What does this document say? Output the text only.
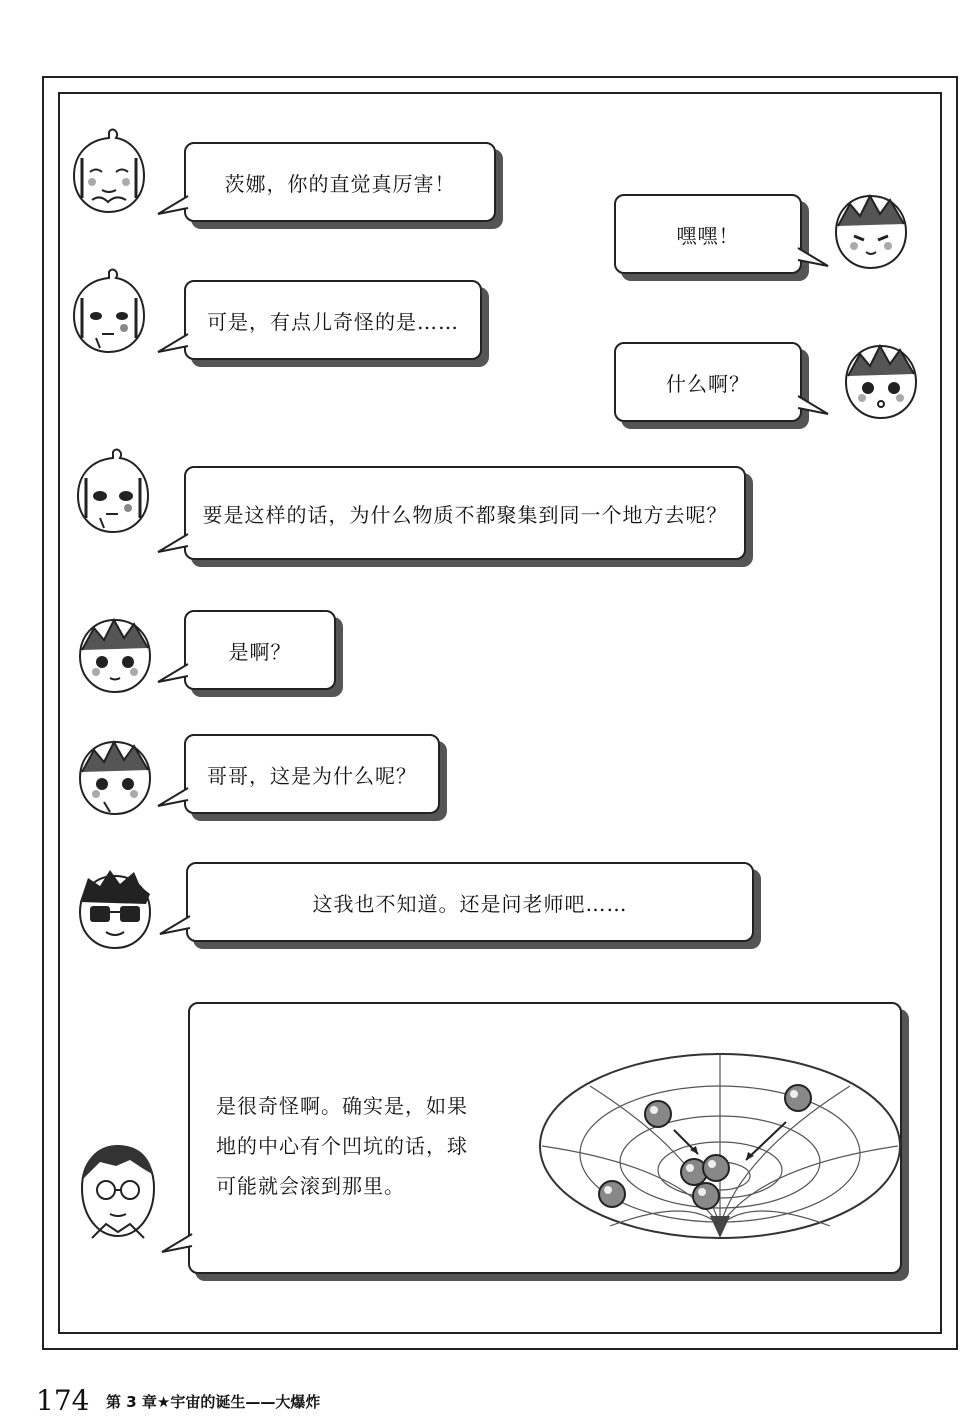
茨娜，你的直觉真厉害！
嘿嘿！
可是，有点儿奇怪的是……
什么啊？
要是这样的话，为什么物质不都聚集到同一个地方去呢？
是啊？
哥哥，这是为什么呢？
这我也不知道。还是问老师吧……
是很奇怪啊。确实是，如果
地的中心有个凹坑的话，球
可能就会滚到那里。
174 第 3 章★宇宙的诞生——大爆炸
